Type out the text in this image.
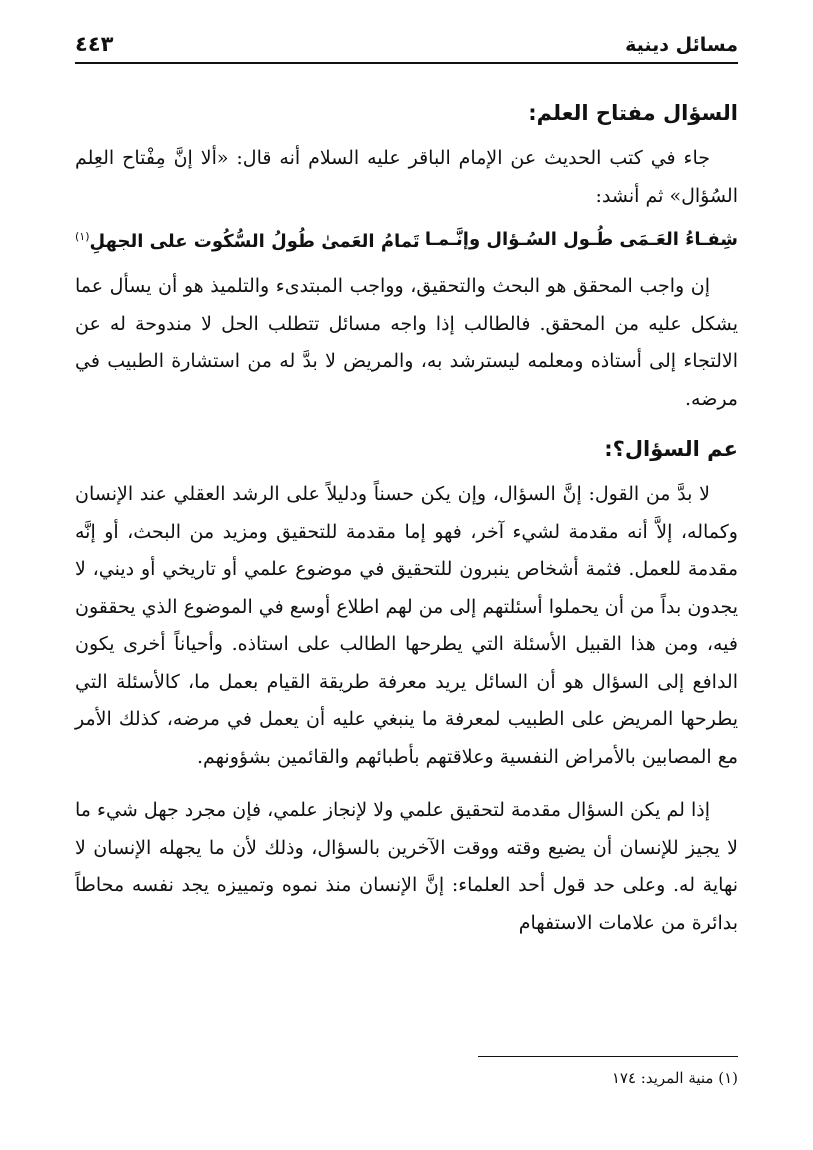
مسائل دينية
٤٤٣
السؤال مفتاح العلم:

جاء في كتب الحديث عن الإمام الباقر عليه السلام أنه قال: «ألا إنَّ مِفْتاح العِلم السُؤال» ثم أنشد:

شِفـاءُ العَـمَى طُـول السُـؤال وإنَّـمـا
تَمامُ العَمىٰ طُولُ السُّكُوت على الجهلِ$^{(١)}$

إن واجب المحقق هو البحث والتحقيق، وواجب المبتدىء والتلميذ هو أن يسأل عما يشكل عليه من المحقق. فالطالب إذا واجه مسائل تتطلب الحل لا مندوحة له عن الالتجاء إلى أستاذه ومعلمه ليسترشد به، والمريض لا بدَّ له من استشارة الطبيب في مرضه.

عم السؤال؟:

لا بدَّ من القول: إنَّ السؤال، وإن يكن حسناً ودليلاً على الرشد العقلي عند الإنسان وكماله، إلاَّ أنه مقدمة لشيء آخر، فهو إما مقدمة للتحقيق ومزيد من البحث، أو إنَّه مقدمة للعمل. فثمة أشخاص ينبرون للتحقيق في موضوع علمي أو تاريخي أو ديني، لا يجدون بداً من أن يحملوا أسئلتهم إلى من لهم اطلاع أوسع في الموضوع الذي يحققون فيه، ومن هذا القبيل الأسئلة التي يطرحها الطالب على استاذه. وأحياناً أخرى يكون الدافع إلى السؤال هو أن السائل يريد معرفة طريقة القيام بعمل ما، كالأسئلة التي يطرحها المريض على الطبيب لمعرفة ما ينبغي عليه أن يعمل في مرضه، كذلك الأمر مع المصابين بالأمراض النفسية وعلاقتهم بأطبائهم والقائمين بشؤونهم.

إذا لم يكن السؤال مقدمة لتحقيق علمي ولا لإنجاز علمي، فإن مجرد جهل شيء ما لا يجيز للإنسان أن يضيع وقته ووقت الآخرين بالسؤال، وذلك لأن ما يجهله الإنسان لا نهاية له. وعلى حد قول أحد العلماء: إنَّ الإنسان منذ نموه وتمييزه يجد نفسه محاطاً بدائرة من علامات الاستفهام

(١) منية المريد: ١٧٤
